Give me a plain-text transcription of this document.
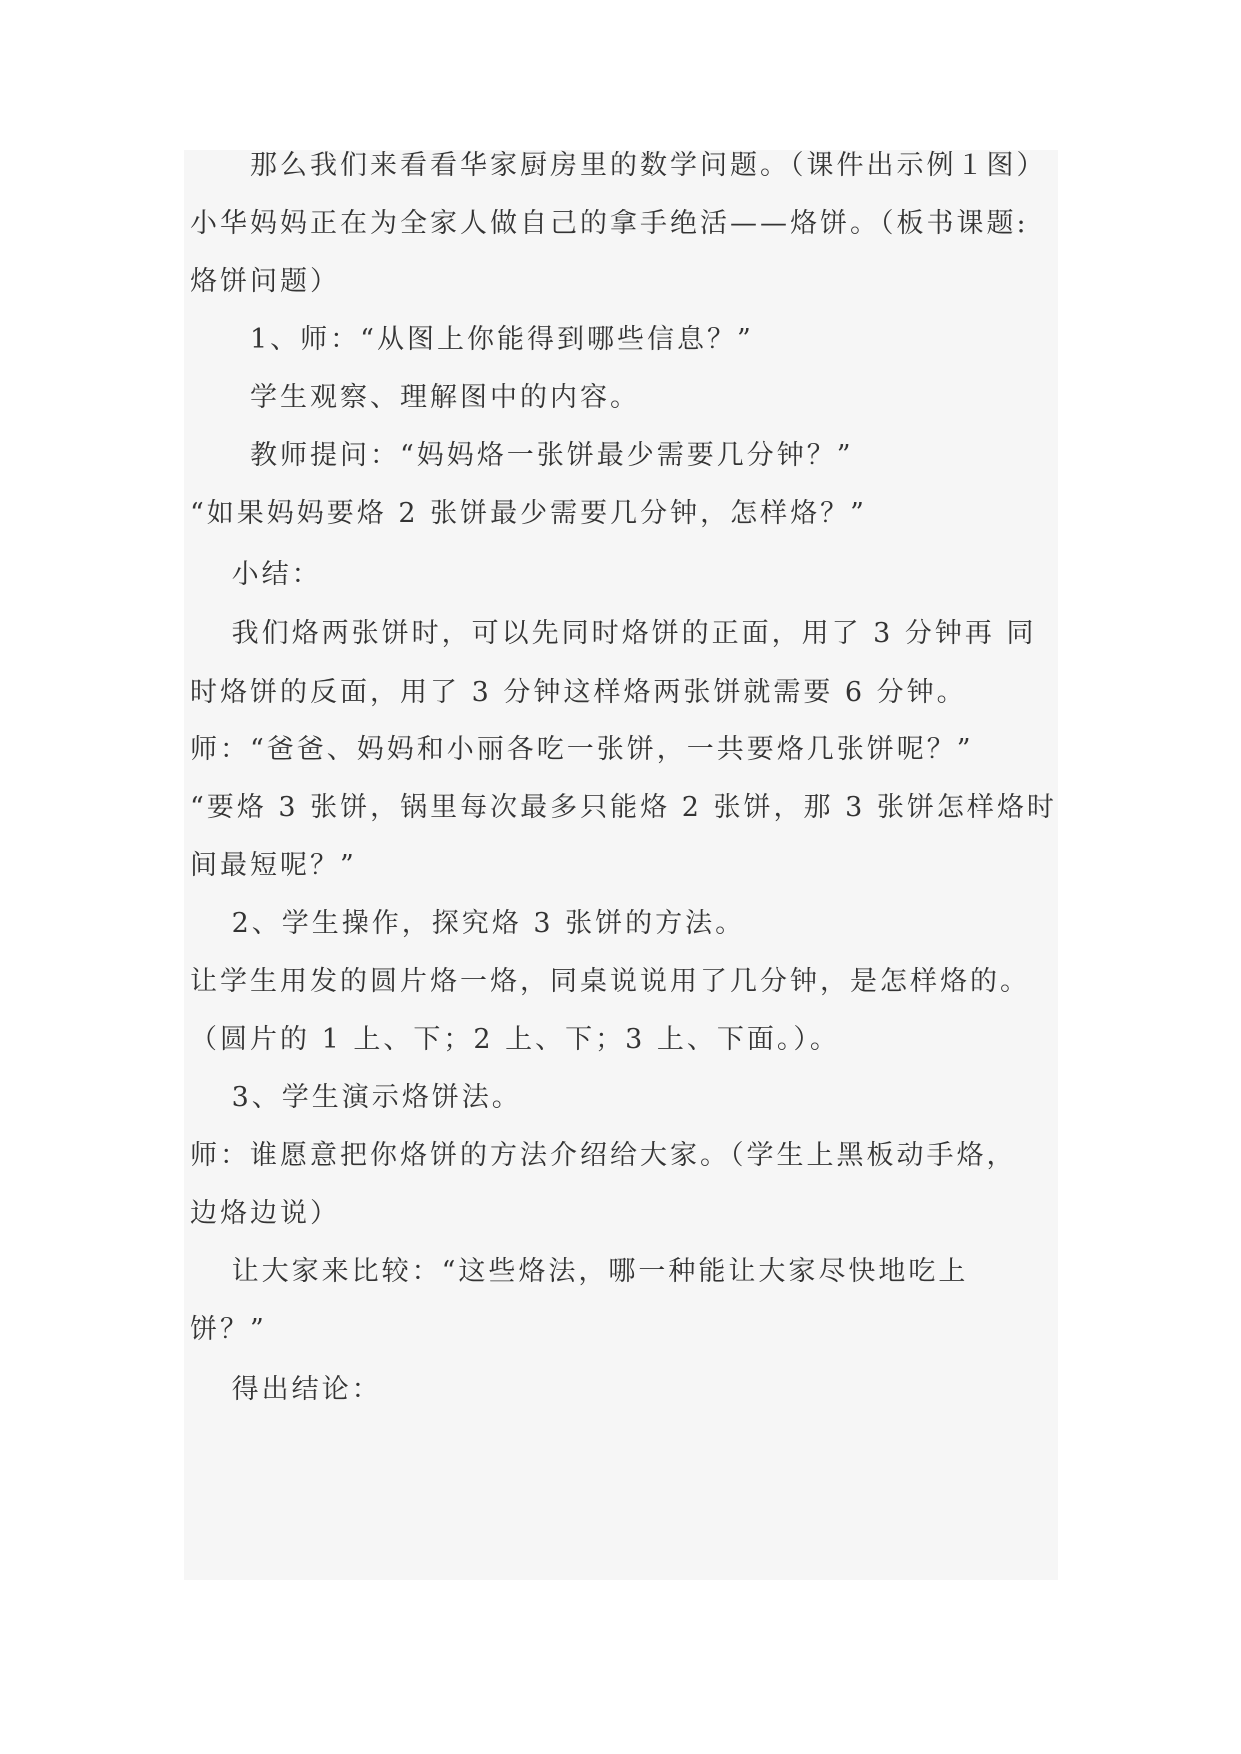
　　那么我们来看看华家厨房里的数学问题。（课件出示例１图）
小华妈妈正在为全家人做自己的拿手绝活——烙饼。（板书课题:
烙饼问题）
　　1、师：“从图上你能得到哪些信息？”
　　学生观察、理解图中的内容。
　　教师提问：“妈妈烙一张饼最少需要几分钟？”
“如果妈妈要烙 2 张饼最少需要几分钟，怎样烙？”
　 小结：
　 我们烙两张饼时，可以先同时烙饼的正面，用了 3 分钟再 同
时烙饼的反面，用了 3 分钟这样烙两张饼就需要 6 分钟。
师：“爸爸、妈妈和小丽各吃一张饼，一共要烙几张饼呢？”
“要烙 3 张饼，锅里每次最多只能烙 2 张饼，那 3 张饼怎样烙时
间最短呢？”
　 2、学生操作，探究烙 3 张饼的方法。
让学生用发的圆片烙一烙，同桌说说用了几分钟，是怎样烙的。
（圆片的 1 上、下；2 上、下；3 上、下面。）。
　 3、学生演示烙饼法。
师：谁愿意把你烙饼的方法介绍给大家。（学生上黑板动手烙，
边烙边说）
　 让大家来比较：“这些烙法，哪一种能让大家尽快地吃上
饼？”
　 得出结论：
